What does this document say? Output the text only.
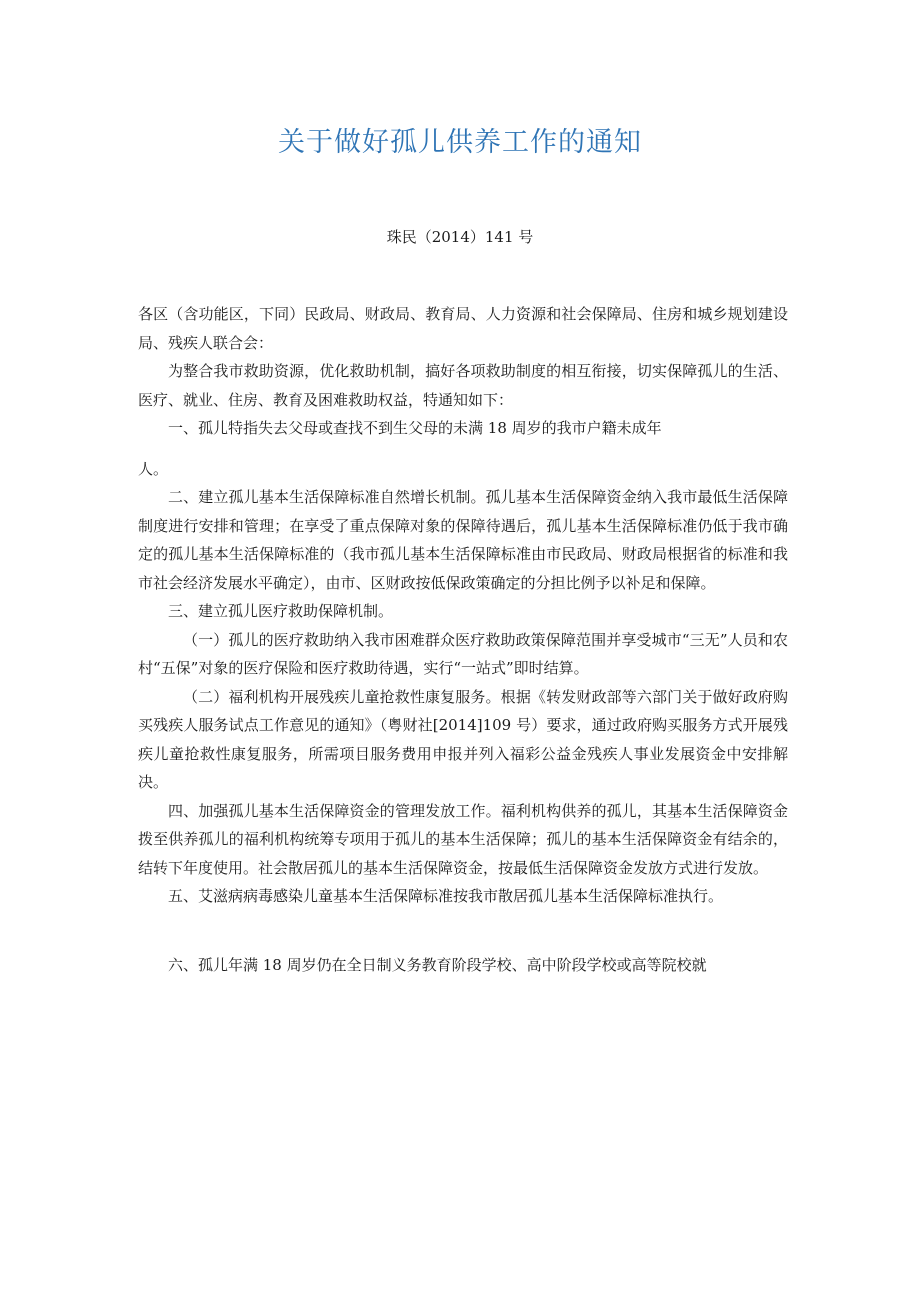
关于做好孤儿供养工作的通知

珠民（2014）141 号

各区（含功能区，下同）民政局、财政局、教育局、人力资源和社会保障局、住房和城乡规划建设局、残疾人联合会：

为整合我市救助资源，优化救助机制，搞好各项救助制度的相互衔接，切实保障孤儿的生活、医疗、就业、住房、教育及困难救助权益，特通知如下：

一、孤儿特指失去父母或查找不到生父母的未满 18 周岁的我市户籍未成年

人。

二、建立孤儿基本生活保障标准自然增长机制。孤儿基本生活保障资金纳入我市最低生活保障制度进行安排和管理；在享受了重点保障对象的保障待遇后，孤儿基本生活保障标准仍低于我市确定的孤儿基本生活保障标准的（我市孤儿基本生活保障标准由市民政局、财政局根据省的标准和我市社会经济发展水平确定），由市、区财政按低保政策确定的分担比例予以补足和保障。

三、建立孤儿医疗救助保障机制。

（一）孤儿的医疗救助纳入我市困难群众医疗救助政策保障范围并享受城市“三无”人员和农村“五保”对象的医疗保险和医疗救助待遇，实行“一站式”即时结算。

（二）福利机构开展残疾儿童抢救性康复服务。根据《转发财政部等六部门关于做好政府购买残疾人服务试点工作意见的通知》（粤财社[2014]109 号）要求，通过政府购买服务方式开展残疾儿童抢救性康复服务，所需项目服务费用申报并列入福彩公益金残疾人事业发展资金中安排解决。

四、加强孤儿基本生活保障资金的管理发放工作。福利机构供养的孤儿，其基本生活保障资金拨至供养孤儿的福利机构统筹专项用于孤儿的基本生活保障；孤儿的基本生活保障资金有结余的，结转下年度使用。社会散居孤儿的基本生活保障资金，按最低生活保障资金发放方式进行发放。

五、艾滋病病毒感染儿童基本生活保障标准按我市散居孤儿基本生活保障标准执行。

六、孤儿年满 18 周岁仍在全日制义务教育阶段学校、高中阶段学校或高等院校就
